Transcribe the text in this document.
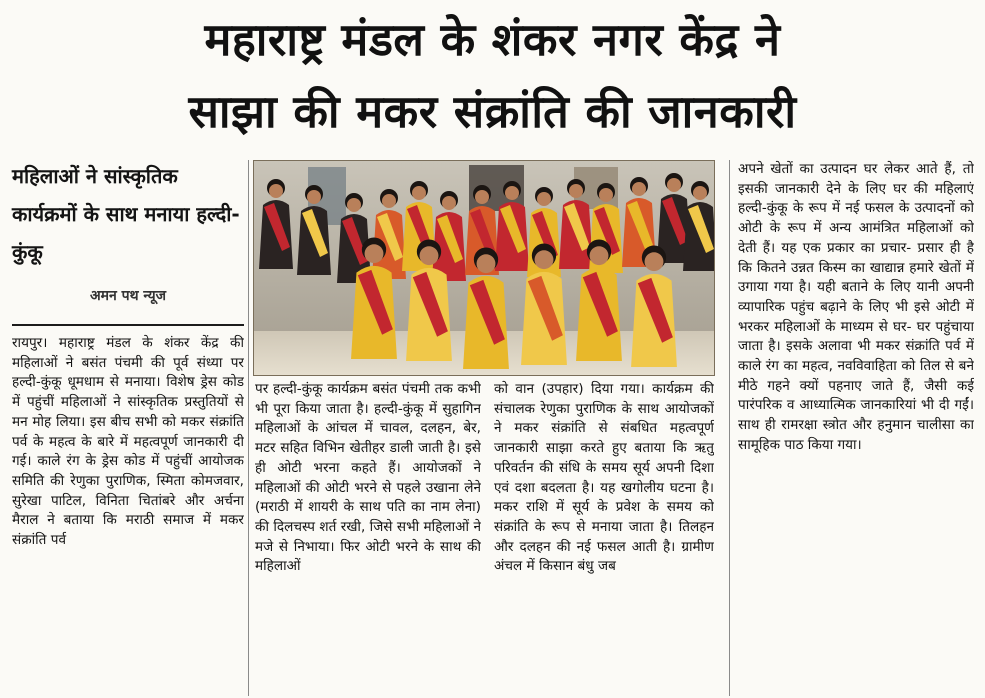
महाराष्ट्र मंडल के शंकर नगर केंद्र ने
साझा की मकर संक्रांति की जानकारी
महिलाओं ने सांस्कृतिक कार्यक्रमों के साथ मनाया हल्दी-कुंकू
अमन पथ न्यूज
रायपुर। महाराष्ट्र मंडल के शंकर केंद्र की महिलाओं ने बसंत पंचमी की पूर्व संध्या पर हल्दी-कुंकू धूमधाम से मनाया। विशेष ड्रेस कोड में पहुंचीं महिलाओं ने सांस्कृतिक प्रस्तुतियों से मन मोह लिया। इस बीच सभी को मकर संक्रांति पर्व के महत्व के बारे में महत्वपूर्ण जानकारी दी गई। काले रंग के ड्रेस कोड में पहुंचीं आयोजक समिति की रेणुका पुराणिक, स्मिता कोमजवार, सुरेखा पाटिल, विनिता चितांबरे और अर्चना मैराल ने बताया कि मराठी समाज में मकर संक्रांति पर्व
पर हल्दी-कुंकू कार्यक्रम बसंत पंचमी तक कभी भी पूरा किया जाता है। हल्दी-कुंकू में सुहागिन महिलाओं के आंचल में चावल, दलहन, बेर, मटर सहित विभिन खेतीहर डाली जाती है। इसे ही ओटी भरना कहते हैं। आयोजकों ने महिलाओं की ओटी भरने से पहले उखाना लेने (मराठी में शायरी के साथ पति का नाम लेना) की दिलचस्प शर्त रखी, जिसे सभी महिलाओं ने मजे से निभाया। फिर ओटी भरने के साथ की महिलाओं
को वान (उपहार) दिया गया। कार्यक्रम की संचालक रेणुका पुराणिक के साथ आयोजकों ने मकर संक्रांति से संबधित महत्वपूर्ण जानकारी साझा करते हुए बताया कि ऋतु परिवर्तन की संधि के समय सूर्य अपनी दिशा एवं दशा बदलता है। यह खगोलीय घटना है। मकर राशि में सूर्य के प्रवेश के समय को संक्रांति के रूप से मनाया जाता है। तिलहन और दलहन की नई फसल आती है। ग्रामीण अंचल में किसान बंधु जब
अपने खेतों का उत्पादन घर लेकर आते हैं, तो इसकी जानकारी देने के लिए घर की महिलाएं हल्दी-कुंकू के रूप में नई फसल के उत्पादनों को ओटी के रूप में अन्य आमंत्रित महिलाओं को देती हैं। यह एक प्रकार का प्रचार- प्रसार ही है कि कितने उन्नत किस्म का खाद्यान्न हमारे खेतों में उगाया गया है। यही बताने के लिए यानी अपनी व्यापारिक पहुंच बढ़ाने के लिए भी इसे ओटी में भरकर महिलाओं के माध्यम से घर- घर पहुंचाया जाता है। इसके अलावा भी मकर संक्रांति पर्व में काले रंग का महत्व, नवविवाहिता को तिल से बने मीठे गहने क्यों पहनाए जाते हैं, जैसी कई पारंपरिक व आध्यात्मिक जानकारियां भी दी गईं। साथ ही रामरक्षा स्त्रोत और हनुमान चालीसा का सामूहिक पाठ किया गया।
